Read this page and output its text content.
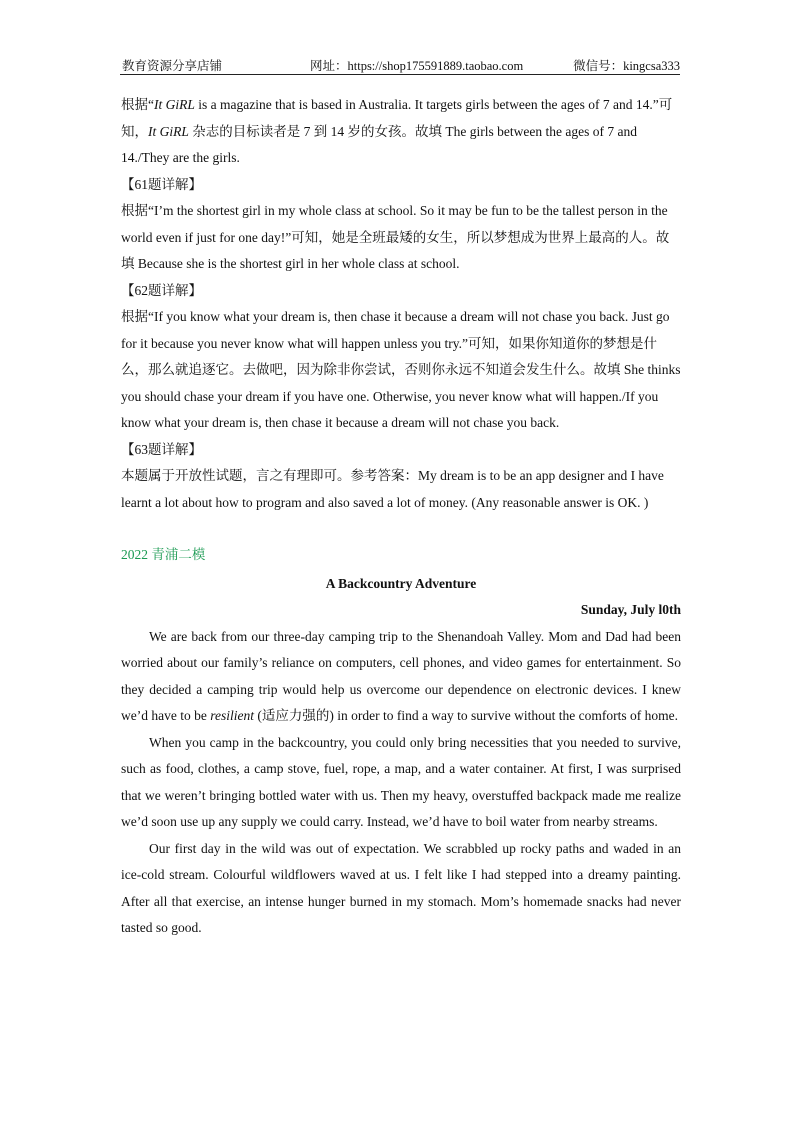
教育资源分享店铺	网址：https://shop175591889.taobao.com	微信号：kingcsa333

根据“It GiRL is a magazine that is based in Australia. It targets girls between the ages of 7 and 14.”可知，It GiRL 杂志的目标读者是 7 到 14 岁的女孩。故填 The girls between the ages of 7 and 14./They are the girls.

【61题详解】

根据“I’m the shortest girl in my whole class at school. So it may be fun to be the tallest person in the world even if just for one day!”可知，她是全班最矮的女生，所以梦想成为世界上最高的人。故填 Because she is the shortest girl in her whole class at school.

【62题详解】

根据“If you know what your dream is, then chase it because a dream will not chase you back. Just go for it because you never know what will happen unless you try.”可知，如果你知道你的梦想是什么，那么就追逐它。去做吧，因为除非你尝试，否则你永远不知道会发生什么。故填 She thinks you should chase your dream if you have one. Otherwise, you never know what will happen./If you know what your dream is, then chase it because a dream will not chase you back.

【63题详解】

本题属于开放性试题，言之有理即可。参考答案：My dream is to be an app designer and I have learnt a lot about how to program and also saved a lot of money. (Any reasonable answer is OK. )

2022 青浦二模

A Backcountry Adventure

Sunday, July l0th

We are back from our three-day camping trip to the Shenandoah Valley. Mom and Dad had been worried about our family’s reliance on computers, cell phones, and video games for entertainment. So they decided a camping trip would help us overcome our dependence on electronic devices. I knew we’d have to be resilient (适应力强的) in order to find a way to survive without the comforts of home.

When you camp in the backcountry, you could only bring necessities that you needed to survive, such as food, clothes, a camp stove, fuel, rope, a map, and a water container. At first, I was surprised that we weren’t bringing bottled water with us. Then my heavy, overstuffed backpack made me realize we’d soon use up any supply we could carry. Instead, we’d have to boil water from nearby streams.

Our first day in the wild was out of expectation. We scrabbled up rocky paths and waded in an ice-cold stream. Colourful wildflowers waved at us. I felt like I had stepped into a dreamy painting. After all that exercise, an intense hunger burned in my stomach. Mom’s homemade snacks had never tasted so good.
